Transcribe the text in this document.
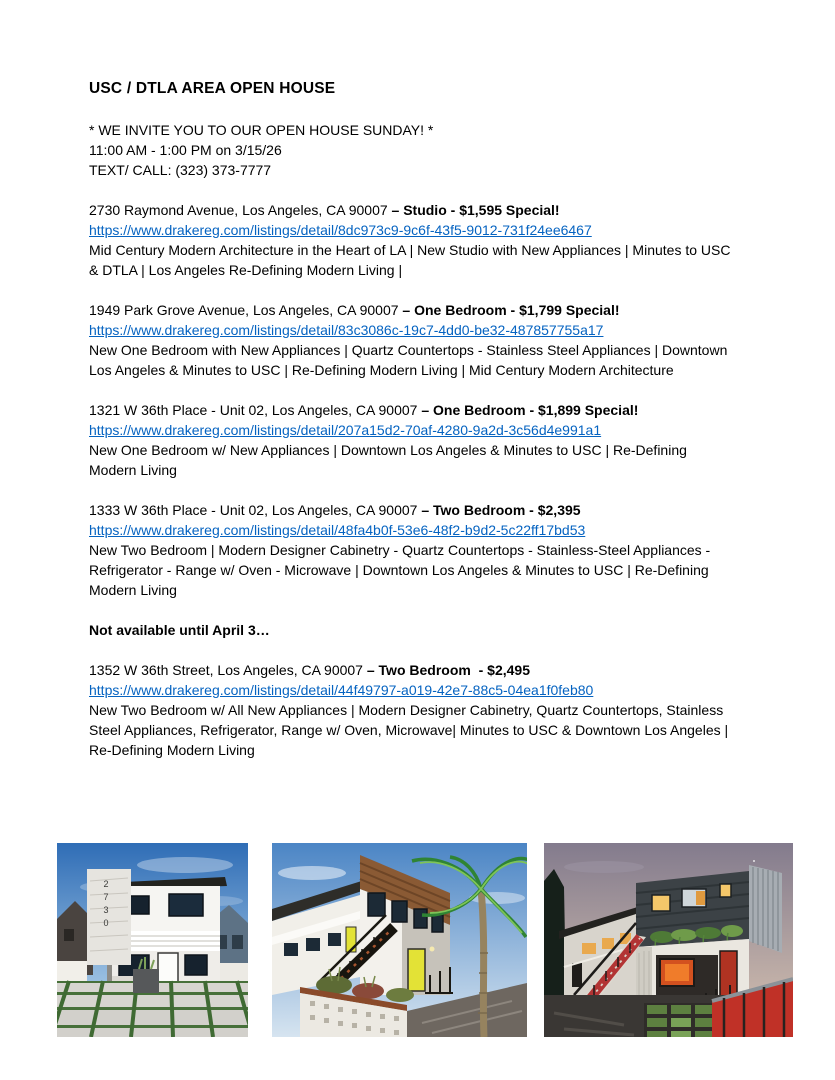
USC / DTLA AREA OPEN HOUSE
* WE INVITE YOU TO OUR OPEN HOUSE SUNDAY! *
11:00 AM - 1:00 PM on 3/15/26
TEXT/ CALL: (323) 373-7777
2730 Raymond Avenue, Los Angeles, CA 90007 – Studio - $1,595 Special!
https://www.drakereg.com/listings/detail/8dc973c9-9c6f-43f5-9012-731f24ee6467
Mid Century Modern Architecture in the Heart of LA | New Studio with New Appliances | Minutes to USC & DTLA | Los Angeles Re-Defining Modern Living |
1949 Park Grove Avenue, Los Angeles, CA 90007 – One Bedroom - $1,799 Special!
https://www.drakereg.com/listings/detail/83c3086c-19c7-4dd0-be32-487857755a17
New One Bedroom with New Appliances | Quartz Countertops - Stainless Steel Appliances | Downtown Los Angeles & Minutes to USC | Re-Defining Modern Living | Mid Century Modern Architecture
1321 W 36th Place - Unit 02, Los Angeles, CA 90007 – One Bedroom - $1,899 Special!
https://www.drakereg.com/listings/detail/207a15d2-70af-4280-9a2d-3c56d4e991a1
New One Bedroom w/ New Appliances | Downtown Los Angeles & Minutes to USC | Re-Defining Modern Living
1333 W 36th Place - Unit 02, Los Angeles, CA 90007 – Two Bedroom - $2,395
https://www.drakereg.com/listings/detail/48fa4b0f-53e6-48f2-b9d2-5c22ff17bd53
New Two Bedroom | Modern Designer Cabinetry - Quartz Countertops - Stainless-Steel Appliances - Refrigerator - Range w/ Oven - Microwave | Downtown Los Angeles & Minutes to USC | Re-Defining Modern Living
Not available until April 3…
1352 W 36th Street, Los Angeles, CA 90007 – Two Bedroom  - $2,495
https://www.drakereg.com/listings/detail/44f49797-a019-42e7-88c5-04ea1f0feb80
New Two Bedroom w/ All New Appliances | Modern Designer Cabinetry, Quartz Countertops, Stainless Steel Appliances, Refrigerator, Range w/ Oven, Microwave| Minutes to USC & Downtown Los Angeles | Re-Defining Modern Living
2730
